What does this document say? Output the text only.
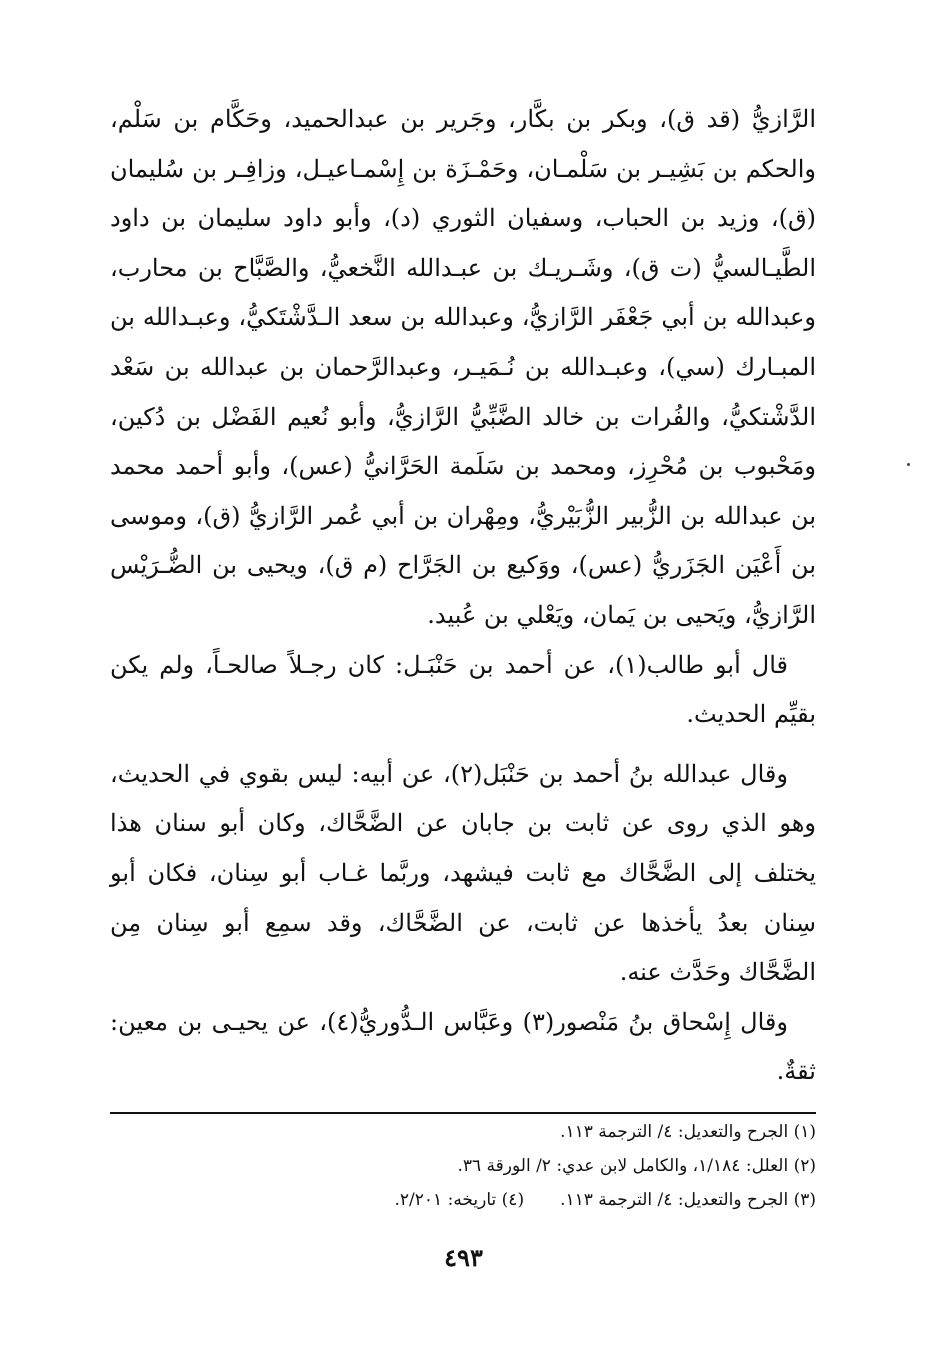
الرَّازيُّ (قد ق)، وبكر بن بكَّار، وجَرير بن عبدالحميد، وحَكَّام بن سَلْم، والحكم بن بَشِيـر بن سَلْمـان، وحَمْـزَة بن إِسْمـاعيـل، وزافِـر بن سُليمان (ق)، وزيد بن الحباب، وسفيان الثوري (د)، وأبو داود سليمان بن داود الطَّيـالسيُّ (ت ق)، وشَـريـك بن عبـدالله النَّخعيُّ، والصَّبَّاح بن محارب، وعبدالله بن أبي جَعْفَر الرَّازيُّ، وعبدالله بن سعد الـدَّشْتَكيُّ، وعبـدالله بن المبـارك (سي)، وعبـدالله بن نُـمَيـر، وعبدالرَّحمان بن عبدالله بن سَعْد الدَّشْتكيُّ، والفُرات بن خالد الضَّبِّيُّ الرَّازيُّ، وأبو نُعيم الفَضْل بن دُكين، ومَحْبوب بن مُحْرِز، ومحمد بن سَلَمة الحَرَّانيُّ (عس)، وأبو أحمد محمد بن عبدالله بن الزُّبير الزُّبَيْريُّ، ومِهْران بن أبي عُمر الرَّازيُّ (ق)، وموسى بن أَعْيَن الجَزَريُّ (عس)، ووَكيع بن الجَرَّاح (م ق)، ويحيى بن الضُّـرَيْس الرَّازيُّ، ويَحيى بن يَمان، ويَعْلي بن عُبيد.

قال أبو طالب(١)، عن أحمد بن حَنْبَـل: كان رجـلاً صالحـاً، ولم يكن بقيِّم الحديث.

وقال عبدالله بنُ أحمد بن حَنْبَل(٢)، عن أبيه: ليس بقوي في الحديث، وهو الذي روى عن ثابت بن جابان عن الضَّحَّاك، وكان أبو سنان هذا يختلف إلى الضَّحَّاك مع ثابت فيشهد، وربَّما غـاب أبو سِنان، فكان أبو سِنان بعدُ يأخذها عن ثابت، عن الضَّحَّاك، وقد سمِع أبو سِنان مِن الضَّحَّاك وحَدَّث عنه.

وقال إِسْحاق بنُ مَنْصور(٣) وعَبَّاس الـدُّوريُّ(٤)، عن يحيـى بن معين: ثقةٌ.

(١) الجرح والتعديل: ٤/ الترجمة ١١٣.

(٢) العلل: ١/١٨٤، والكامل لابن عدي: ٢/ الورقة ٣٦.

(٣) الجرح والتعديل: ٤/ الترجمة ١١٣.(٤) تاريخه: ٢/٢٠١.

٤٩٣
